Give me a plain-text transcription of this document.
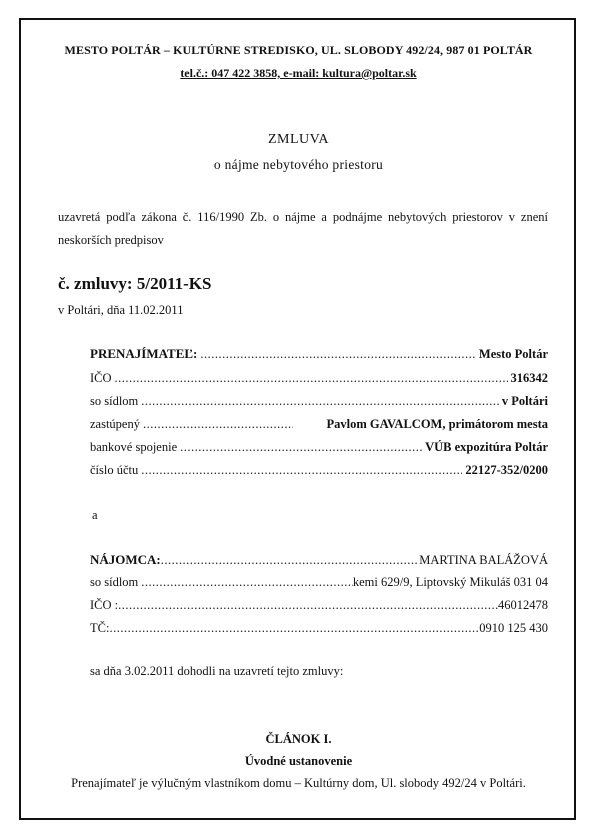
MESTO POLTÁR – KULTÚRNE STREDISKO, UL. SLOBODY 492/24, 987 01 POLTÁR
tel.č.: 047 422 3858, e-mail: kultura@poltar.sk
ZMLUVA
o nájme nebytového priestoru
uzavretá podľa zákona č. 116/1990 Zb. o nájme a podnájme nebytových priestorov v znení neskorších predpisov
č. zmluvy: 5/2011-KS
v Poltári, dňa 11.02.2011
PRENAJÍMATEĽ: .....	Mesto Poltár
IČO .....	316342
so sídlom .....	v Poltári
zastúpený .....	Pavlom GAVALCOM, primátorom mesta
bankové spojenie .....	VÚB expozitúra Poltár
číslo účtu .....	22127-352/0200
a
NÁJOMCA: .....	MARTINA BALÁŽOVÁ
so sídlom .....	kemi 629/9, Liptovský Mikuláš 031 04
IČO : .....	46012478
TČ: .....	0910 125 430
sa dňa 3.02.2011 dohodli na uzavretí tejto zmluvy:
ČLÁNOK I.
Úvodné ustanovenie
Prenajímateľ je výlučným vlastníkom domu – Kultúrny dom, Ul. slobody 492/24 v Poltári.
